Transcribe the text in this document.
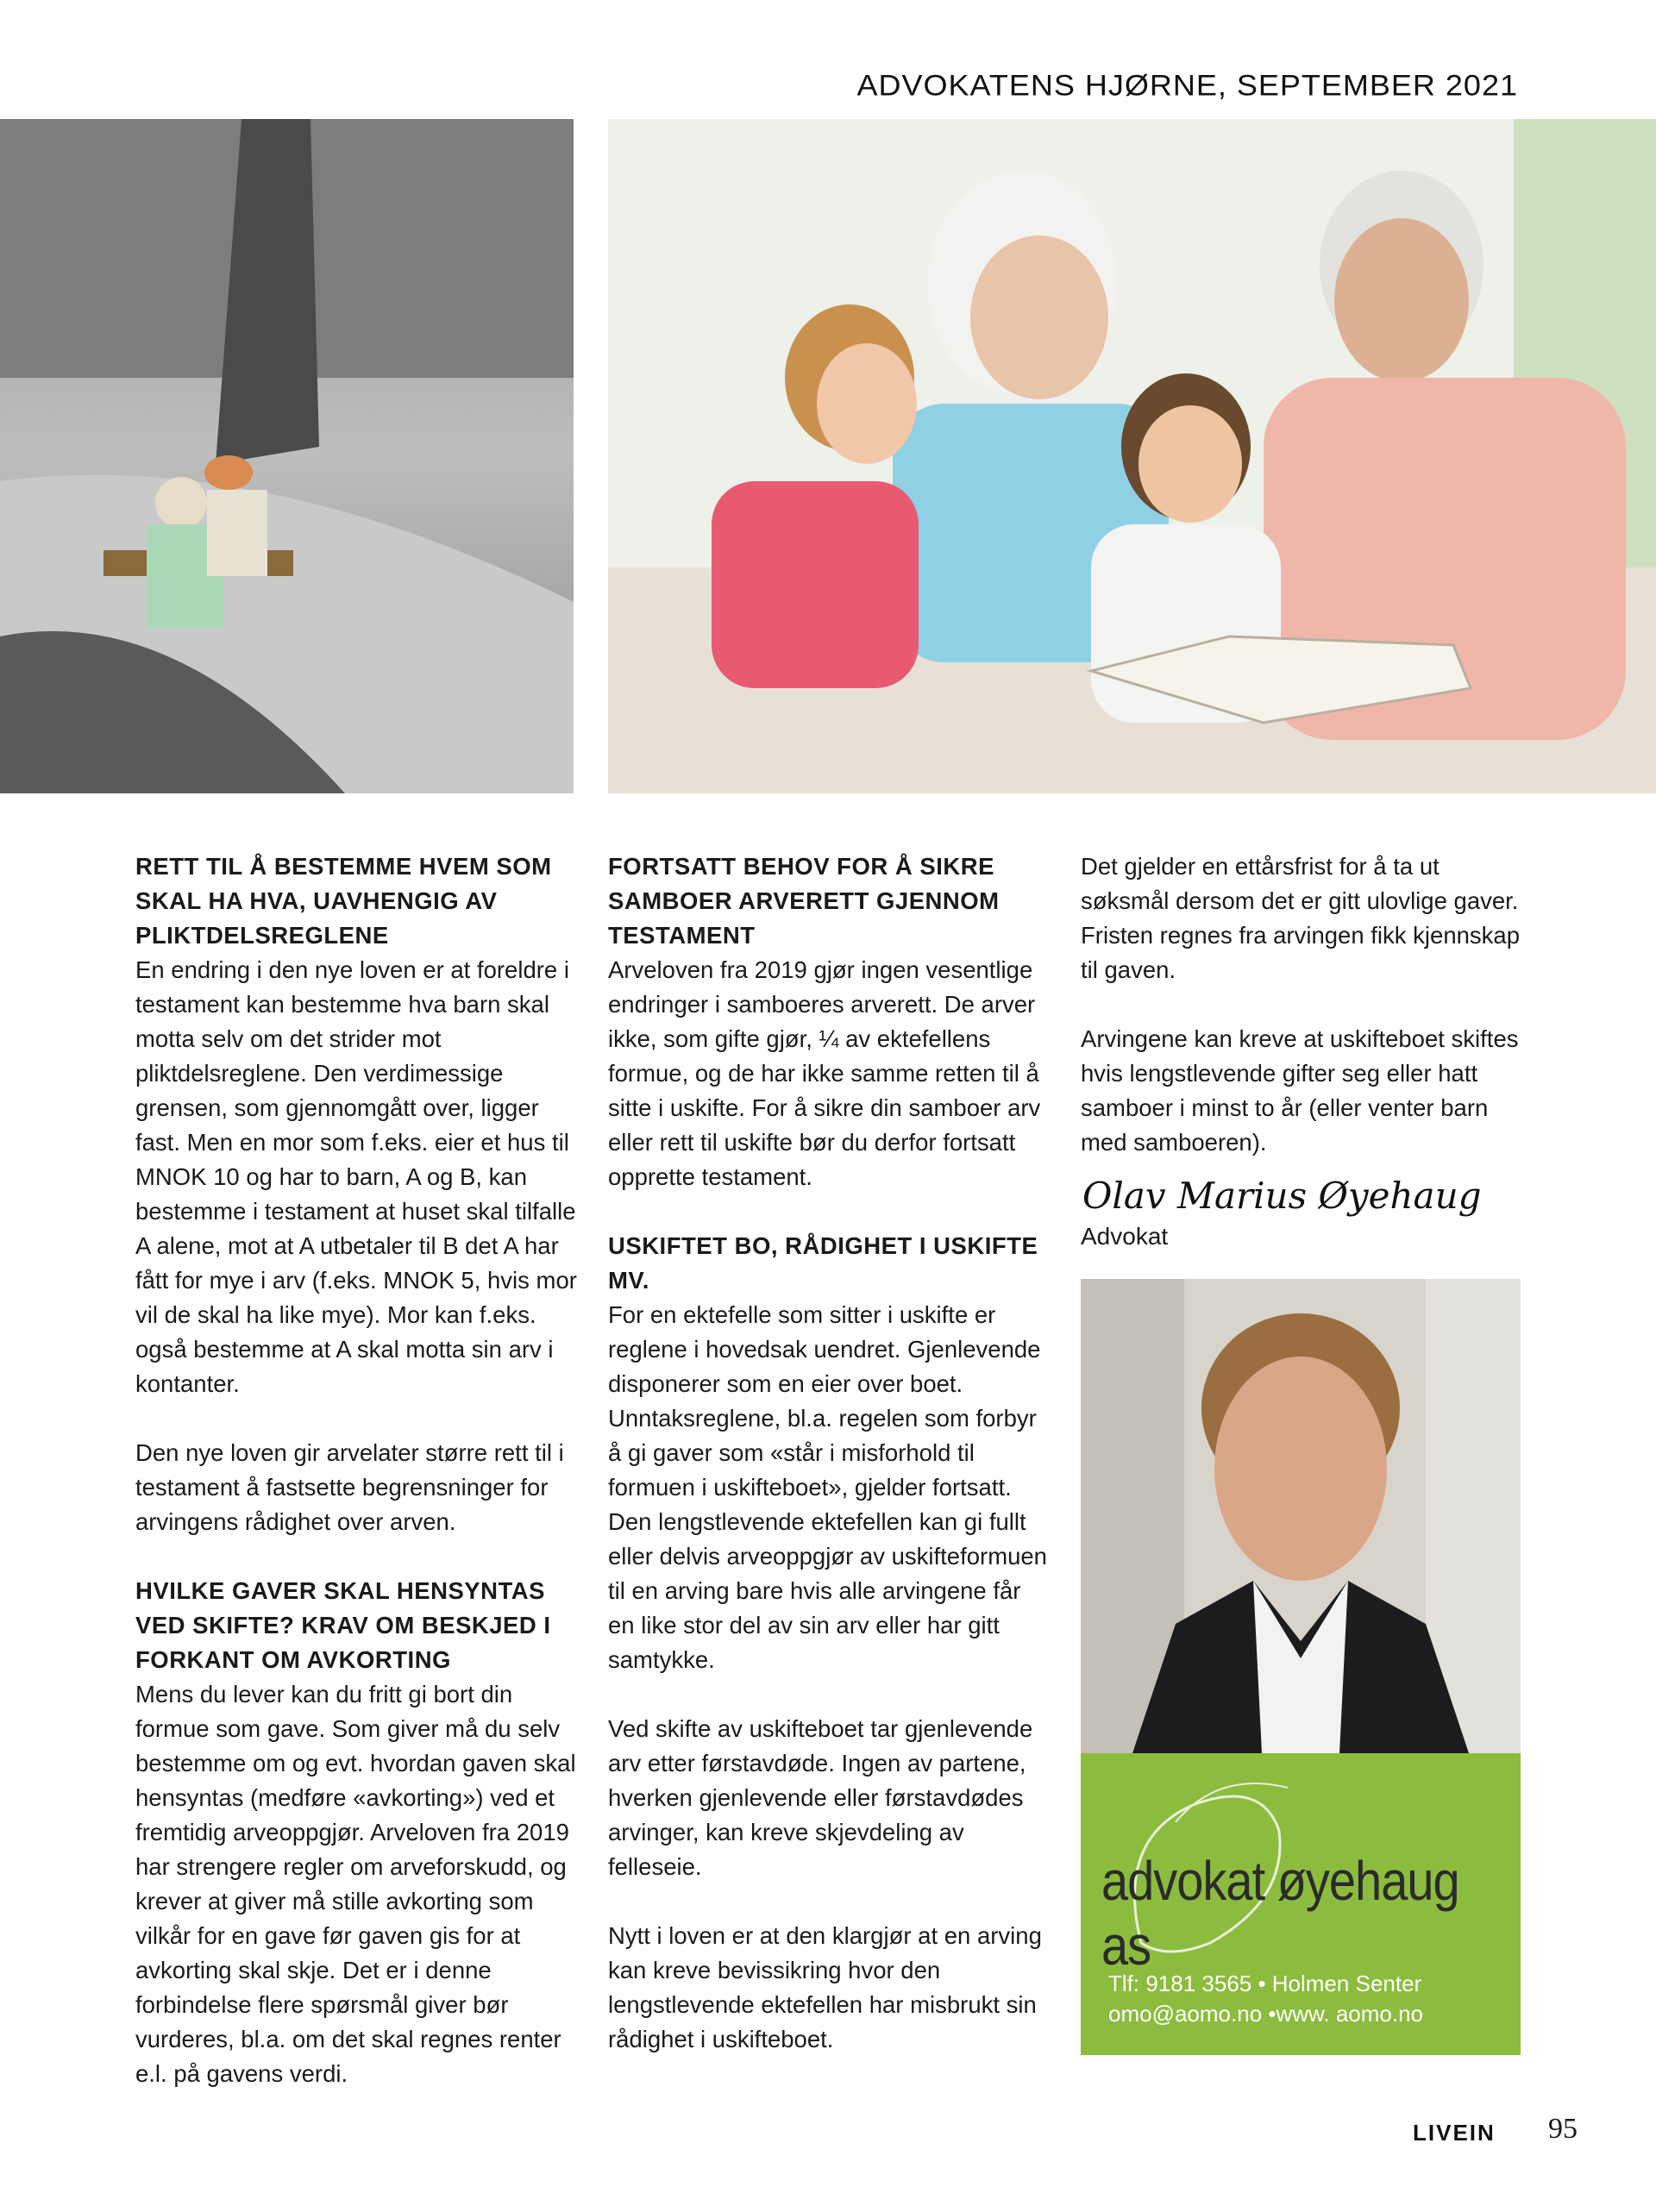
ADVOKATENS HJØRNE, SEPTEMBER 2021
RETT TIL Å BESTEMME HVEM SOM SKAL HA HVA, UAVHENGIG AV PLIKTDELSREGLENE

En endring i den nye loven er at foreldre i testament kan bestemme hva barn skal motta selv om det strider mot pliktdelsreglene. Den verdimessige grensen, som gjennomgått over, ligger fast. Men en mor som f.eks. eier et hus til MNOK 10 og har to barn, A og B, kan bestemme i testament at huset skal tilfalle A alene, mot at A utbetaler til B det A har fått for mye i arv (f.eks. MNOK 5, hvis mor vil de skal ha like mye). Mor kan f.eks. også bestemme at A skal motta sin arv i kontanter.

Den nye loven gir arvelater større rett til i testament å fastsette begrensninger for arvingens rådighet over arven.

HVILKE GAVER SKAL HENSYNTAS VED SKIFTE? KRAV OM BESKJED I FORKANT OM AVKORTING

Mens du lever kan du fritt gi bort din formue som gave. Som giver må du selv bestemme om og evt. hvordan gaven skal hensyntas (medføre «avkorting») ved et fremtidig arveoppgjør. Arveloven fra 2019 har strengere regler om arveforskudd, og krever at giver må stille avkorting som vilkår for en gave før gaven gis for at avkorting skal skje. Det er i denne forbindelse flere spørsmål giver bør vurderes, bl.a. om det skal regnes renter e.l. på gavens verdi.

FORTSATT BEHOV FOR Å SIKRE SAMBOER ARVERETT GJENNOM TESTAMENT

Arveloven fra 2019 gjør ingen vesentlige endringer i samboeres arverett. De arver ikke, som gifte gjør, ¼ av ektefellens formue, og de har ikke samme retten til å sitte i uskifte. For å sikre din samboer arv eller rett til uskifte bør du derfor fortsatt opprette testament.

USKIFTET BO, RÅDIGHET I USKIFTE MV.

For en ektefelle som sitter i uskifte er reglene i hovedsak uendret. Gjenlevende disponerer som en eier over boet. Unntaksreglene, bl.a. regelen som forbyr å gi gaver som «står i misforhold til formuen i uskifteboet», gjelder fortsatt. Den lengstlevende ektefellen kan gi fullt eller delvis arveoppgjør av uskifteformuen til en arving bare hvis alle arvingene får en like stor del av sin arv eller har gitt samtykke.

Ved skifte av uskifteboet tar gjenlevende arv etter førstavdøde. Ingen av partene, hverken gjenlevende eller førstavdødes arvinger, kan kreve skjevdeling av felleseie.

Nytt i loven er at den klargjør at en arving kan kreve bevissikring hvor den lengstlevende ektefellen har misbrukt sin rådighet i uskifteboet.

Det gjelder en ettårsfrist for å ta ut søksmål dersom det er gitt ulovlige gaver. Fristen regnes fra arvingen fikk kjennskap til gaven.

Arvingene kan kreve at uskifteboet skiftes hvis lengstlevende gifter seg eller hatt samboer i minst to år (eller venter barn med samboeren).

Olav Marius Øyehaug
Advokat
advokat øyehaug as
Tlf: 9181 3565 • Holmen Senter
omo@aomo.no •www. aomo.no
LIVEIN 95
